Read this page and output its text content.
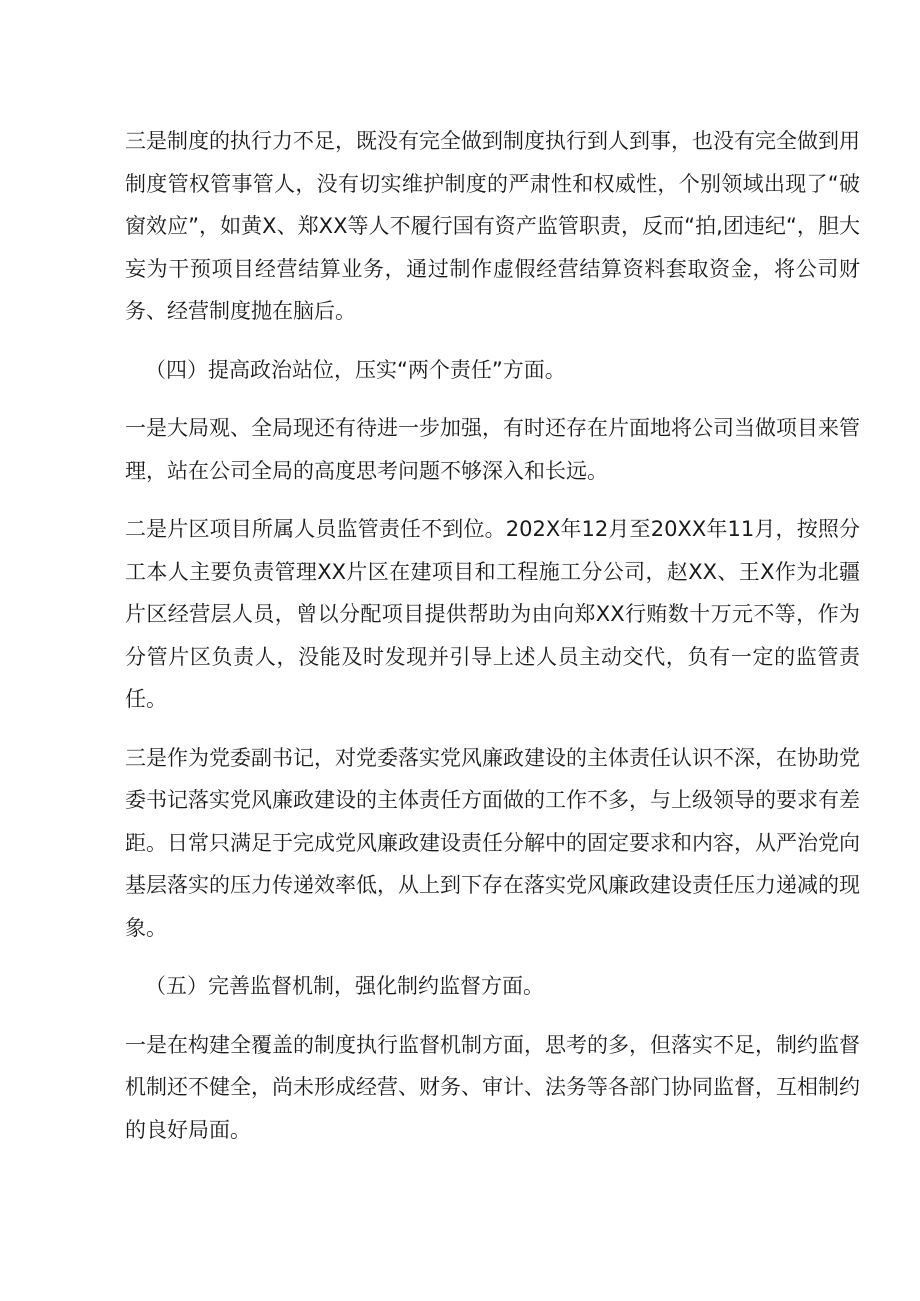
三是制度的执行力不足，既没有完全做到制度执行到人到事，也没有完全做到用制度管权管事管人，没有切实维护制度的严肃性和权威性，个别领域出现了“破窗效应”，如黄X、郑XX等人不履行国有资产监管职责，反而“拍,团违纪“，胆大妄为干预项目经营结算业务，通过制作虚假经营结算资料套取资金，将公司财务、经营制度抛在脑后。

（四）提高政治站位，压实“两个责任”方面。

一是大局观、全局现还有待进一步加强，有时还存在片面地将公司当做项目来管理，站在公司全局的高度思考问题不够深入和长远。

二是片区项目所属人员监管责任不到位。202X年12月至20XX年11月，按照分工本人主要负责管理XX片区在建项目和工程施工分公司，赵XX、王X作为北疆片区经营层人员，曾以分配项目提供帮助为由向郑XX行贿数十万元不等，作为分管片区负责人，没能及时发现并引导上述人员主动交代，负有一定的监管责任。

三是作为党委副书记，对党委落实党风廉政建设的主体责任认识不深，在协助党委书记落实党风廉政建设的主体责任方面做的工作不多，与上级领导的要求有差距。日常只满足于完成党风廉政建设责任分解中的固定要求和内容，从严治党向基层落实的压力传递效率低，从上到下存在落实党风廉政建设责任压力递减的现象。

（五）完善监督机制，强化制约监督方面。

一是在构建全覆盖的制度执行监督机制方面，思考的多，但落实不足，制约监督机制还不健全，尚未形成经营、财务、审计、法务等各部门协同监督，互相制约的良好局面。
